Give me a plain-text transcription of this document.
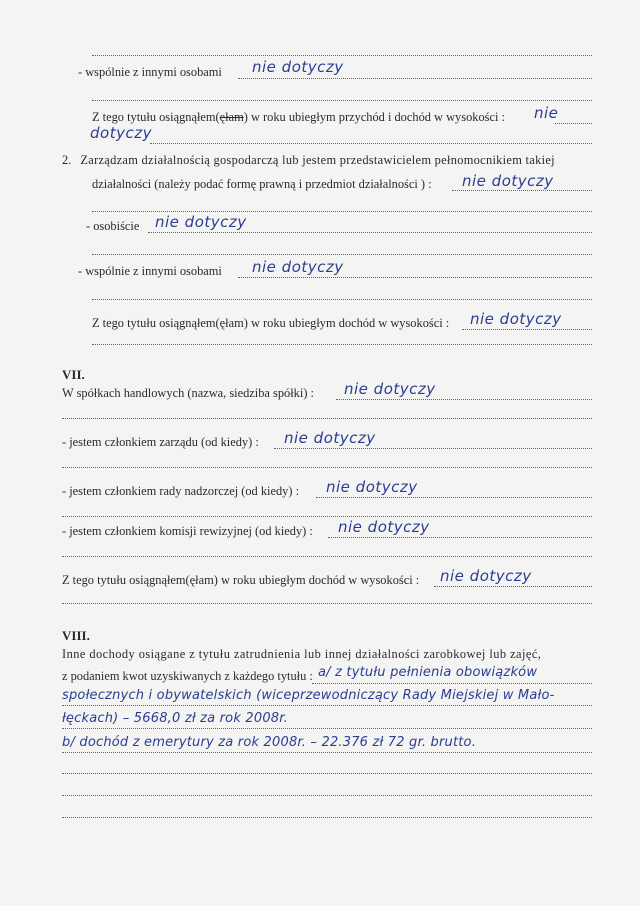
- wspólnie z innymi osobami	nie dotyczy
Z tego tytułu osiągnąłem(ęłam) w roku ubiegłym przychód i dochód w wysokości :	nie
dotyczy
2. Zarządzam działalnością gospodarczą lub jestem przedstawicielem pełnomocnikiem takiej
działalności (należy podać formę prawną i przedmiot działalności ) :	nie dotyczy
- osobiście	nie dotyczy
- wspólnie z innymi osobami	nie dotyczy
Z tego tytułu osiągnąłem(ęłam) w roku ubiegłym dochód w wysokości :	nie dotyczy
VII.
W spółkach handlowych (nazwa, siedziba spółki) :	nie dotyczy
- jestem członkiem zarządu (od kiedy) :	nie dotyczy
- jestem członkiem rady nadzorczej (od kiedy) :	nie dotyczy
- jestem członkiem komisji rewizyjnej (od kiedy) :	nie dotyczy
Z tego tytułu osiągnąłem(ęłam) w roku ubiegłym dochód w wysokości :	nie dotyczy
VIII.
Inne dochody osiągane z tytułu zatrudnienia lub innej działalności zarobkowej lub zajęć,
z podaniem kwot uzyskiwanych z każdego tytułu : a/ z tytułu pełnienia obowiązków
społecznych i obywatelskich (wiceprzewodniczący Rady Miejskiej w Mało-
łęckach) – 5668,0 zł za rok 2008r.
b/ dochód z emerytury za rok 2008r. – 22.376 zł 72 gr. brutto.
